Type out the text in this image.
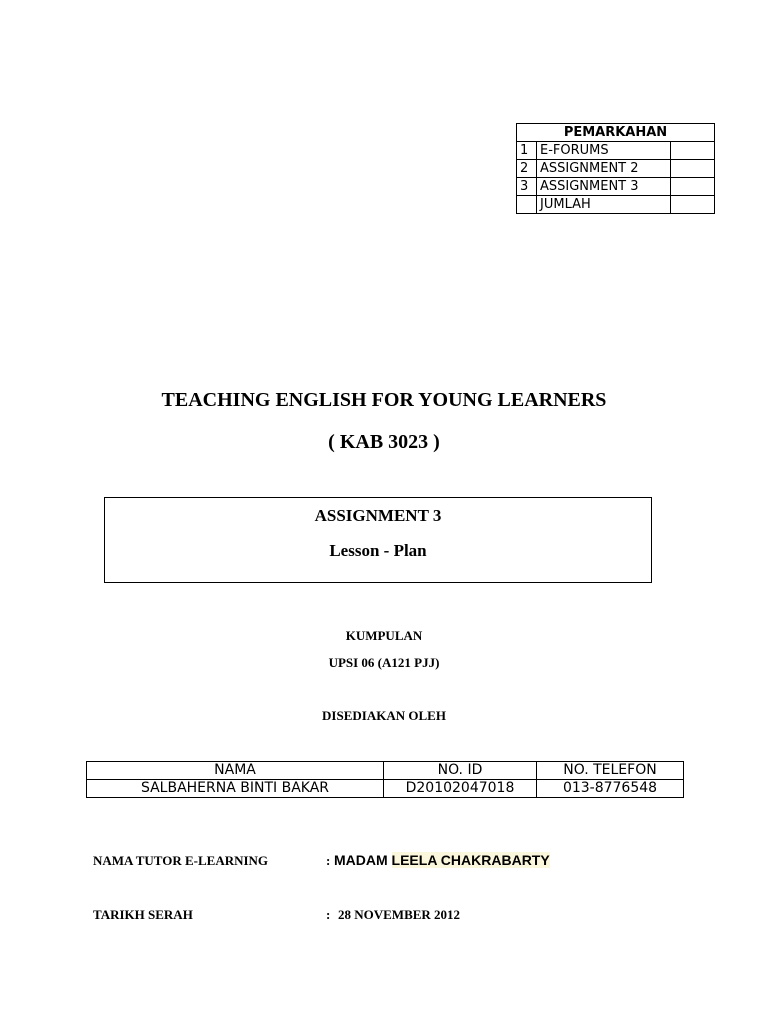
PEMARKAHAN		
1	E-FORUMS	
2	ASSIGNMENT 2	
3	ASSIGNMENT 3	
	JUMLAH	
TEACHING ENGLISH FOR YOUNG LEARNERS
( KAB 3023 )
ASSIGNMENT 3
Lesson - Plan
KUMPULAN
UPSI 06 (A121 PJJ)
DISEDIAKAN OLEH
NAMA	NO. ID	NO. TELEFON
SALBAHERNA BINTI BAKAR	D20102047018	013-8776548
NAMA TUTOR E-LEARNING	: MADAM LEELA CHAKRABARTY
TARIKH SERAH	: 28 NOVEMBER 2012
